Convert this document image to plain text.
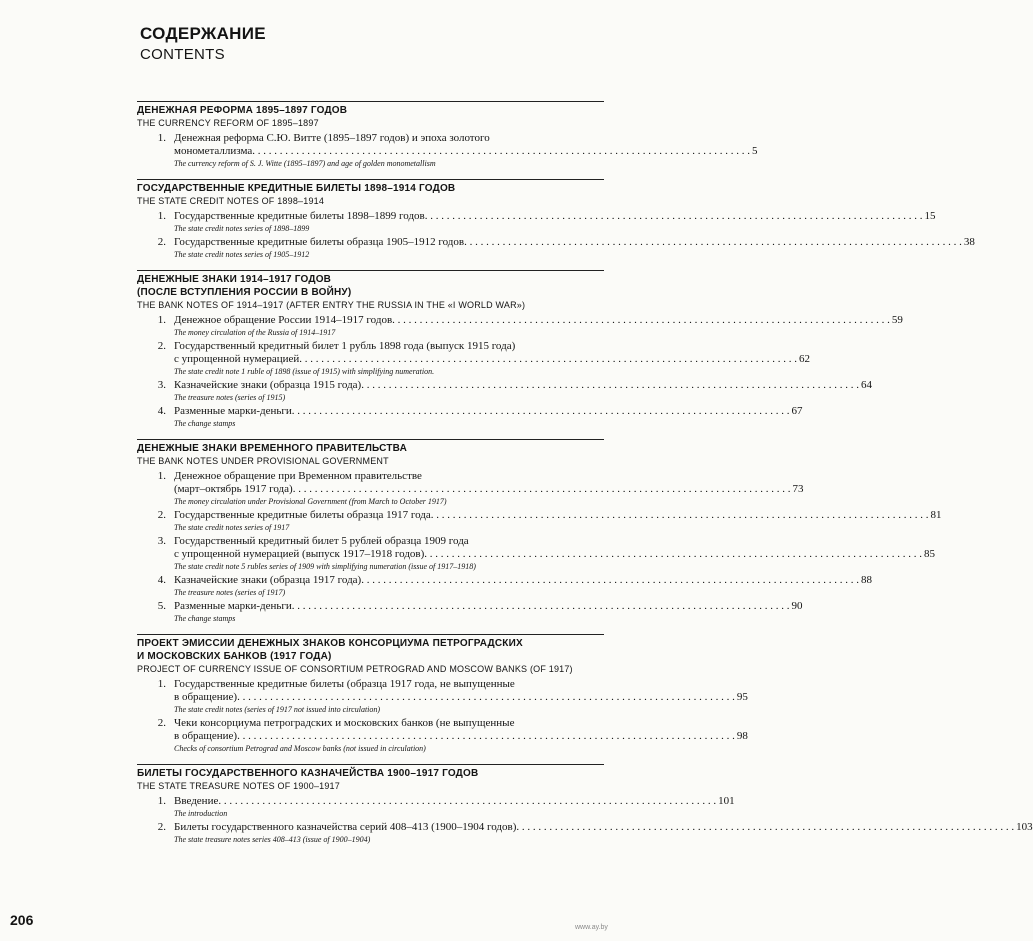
СОДЕРЖАНИЕ
CONTENTS
ДЕНЕЖНАЯ РЕФОРМА 1895–1897 ГОДОВ
THE CURRENCY REFORM OF 1895–1897
1. Денежная реформа С.Ю. Витте (1895–1897 годов) и эпоха золотого
монометаллизма . . .	5
The currency reform of S. J. Witte (1895–1897) and age of golden monometallism
ГОСУДАРСТВЕННЫЕ КРЕДИТНЫЕ БИЛЕТЫ 1898–1914 ГОДОВ
THE STATE CREDIT NOTES OF 1898–1914
1. Государственные кредитные билеты 1898–1899 годов . . .	15
The state credit notes series of 1898–1899
2. Государственные кредитные билеты образца 1905–1912 годов . . .	38
The state credit notes series of 1905–1912
ДЕНЕЖНЫЕ ЗНАКИ 1914–1917 ГОДОВ
(ПОСЛЕ ВСТУПЛЕНИЯ РОССИИ В ВОЙНУ)
THE BANK NOTES OF 1914–1917 (AFTER ENTRY THE RUSSIA IN THE «I WORLD WAR»)
1. Денежное обращение России 1914–1917 годов . . .	59
The money circulation of the Russia of 1914–1917
2. Государственный кредитный билет 1 рубль 1898 года (выпуск 1915 года)
с упрощенной нумерацией . . .	62
The state credit note 1 ruble of 1898 (issue of 1915) with simplifying numeration.
3. Казначейские знаки (образца 1915 года) . . .	64
The treasure notes (series of 1915)
4. Разменные марки-деньги . . .	67
The change stamps
ДЕНЕЖНЫЕ ЗНАКИ ВРЕМЕННОГО ПРАВИТЕЛЬСТВА
THE BANK NOTES UNDER PROVISIONAL GOVERNMENT
1. Денежное обращение при Временном правительстве
(март–октябрь 1917 года) . . .	73
The money circulation under Provisional Government (from March to October 1917)
2. Государственные кредитные билеты образца 1917 года . . .	81
The state credit notes series of 1917
3. Государственный кредитный билет 5 рублей образца 1909 года
с упрощенной нумерацией (выпуск 1917–1918 годов) . . .	85
The state credit note 5 rubles series of 1909 with simplifying numeration (issue of 1917–1918)
4. Казначейские знаки (образца 1917 года) . . .	88
The treasure notes (series of 1917)
5. Разменные марки-деньги . . .	90
The change stamps
ПРОЕКТ ЭМИССИИ ДЕНЕЖНЫХ ЗНАКОВ КОНСОРЦИУМА ПЕТРОГРАДСКИХ
И МОСКОВСКИХ БАНКОВ (1917 ГОДА)
PROJECT OF CURRENCY ISSUE OF CONSORTIUM PETROGRAD AND MOSCOW BANKS (OF 1917)
1. Государственные кредитные билеты (образца 1917 года, не выпущенные
в обращение) . . .	95
The state credit notes (series of 1917 not issued into circulation)
2. Чеки консорциума петроградских и московских банков (не выпущенные
в обращение) . . .	98
Checks of consortium Petrograd and Moscow banks (not issued in circulation)
БИЛЕТЫ ГОСУДАРСТВЕННОГО КАЗНАЧЕЙСТВА 1900–1917 ГОДОВ
THE STATE TREASURE NOTES OF 1900–1917
1. Введение . . .	101
The introduction
2. Билеты государственного казначейства серий 408–413 (1900–1904 годов) . . .	103
The state treasure notes series 408–413 (issue of 1900–1904)
206	www.ay.by
